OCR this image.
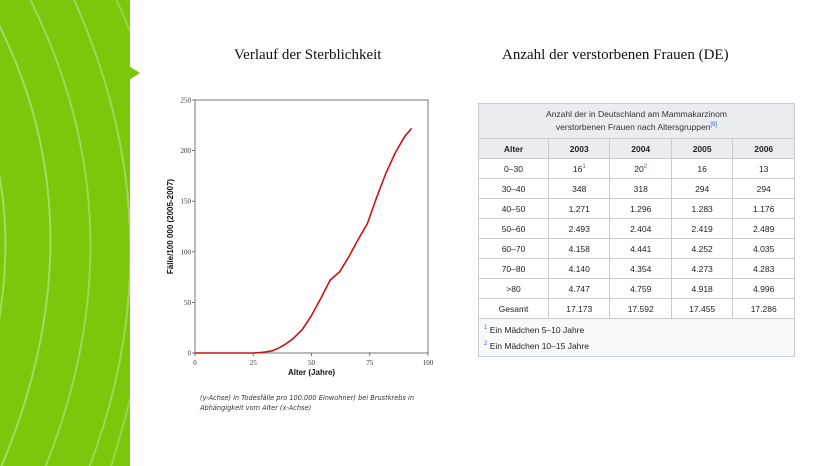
Verlauf der Sterblichkeit	Anzahl der verstorbenen Frauen (DE)
0
50
100
150
200
250
0	25	50	75	100
Alter (Jahre)
Fälle/100 000 (2005-2007)
(y-Achse) in Todesfälle pro 100.000 Einwohner) bei Brustkrebs in Abhängigkeit vom Alter (x-Achse)
Anzahl der in Deutschland am Mammakarzinom
verstorbenen Frauen nach Altersgruppen[9]
Alter	2003	2004	2005	2006
0–30	$16^1$	$20^2$	16	13
30–40	348	318	294	294
40–50	1.271	1.296	1.283	1.176
50–60	2.493	2.404	2.419	2.489
60–70	4.158	4.441	4.252	4.035
70–80	4.140	4.354	4.273	4.283
>80	4.747	4.759	4.918	4.996
Gesamt	17.173	17.592	17.455	17.286
$^1$ Ein Mädchen 5–10 Jahre
$^2$ Ein Mädchen 10–15 Jahre				
